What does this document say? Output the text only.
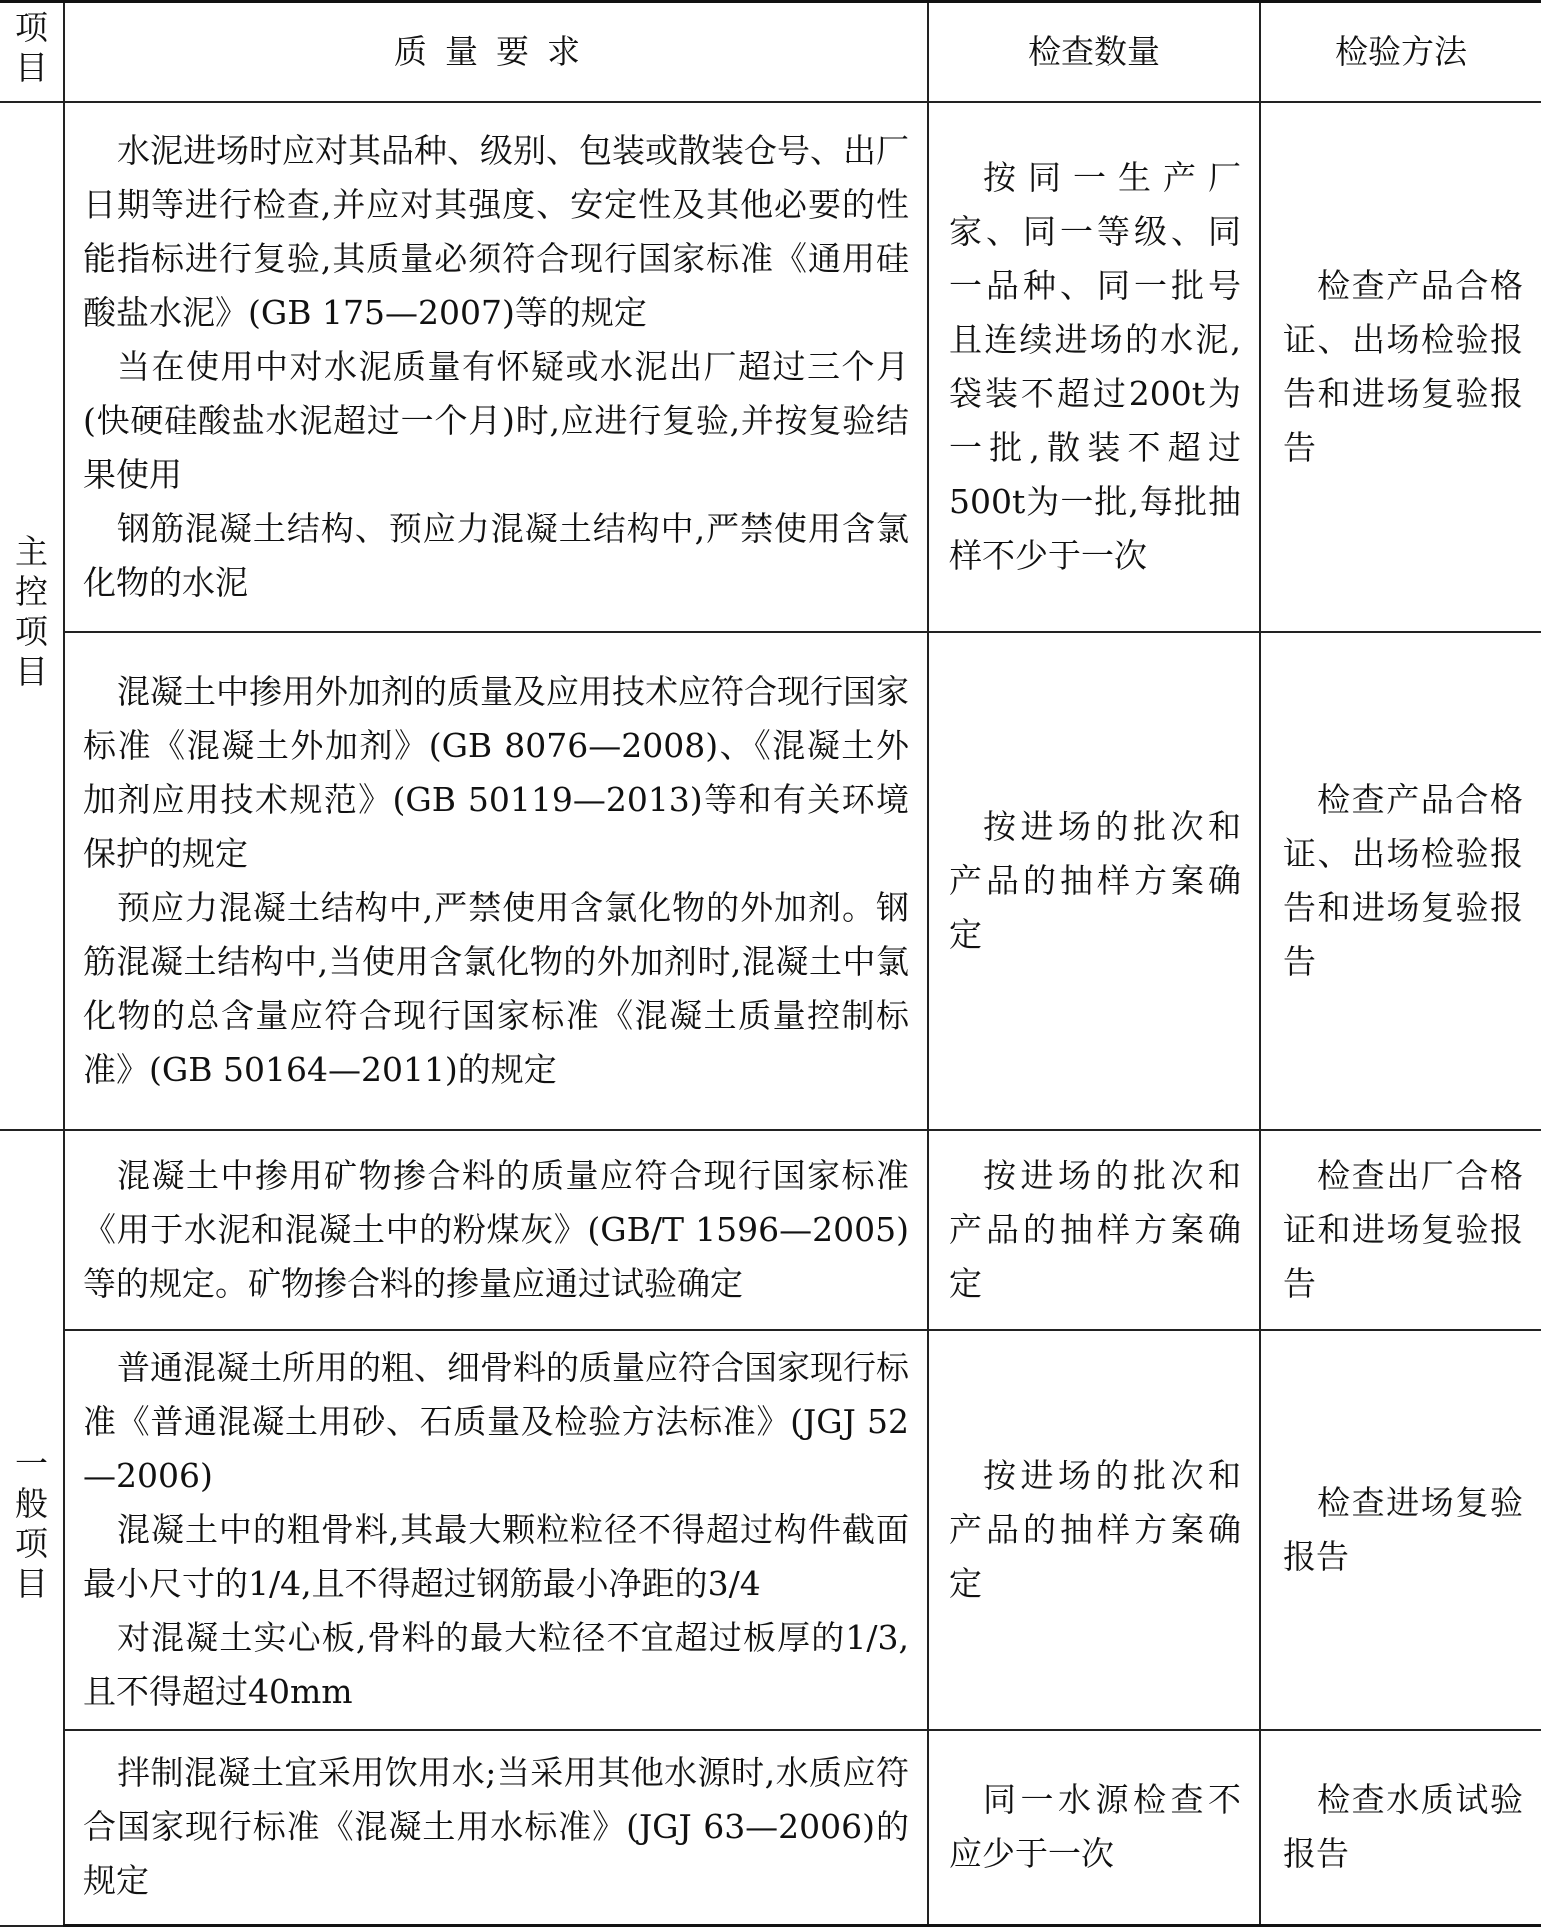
项目	质量要求	检查数量	检验方法
主控项目	水泥进场时应对其品种、级别、包装或散装仓号、出厂日期等进行检查,并应对其强度、安定性及其他必要的性能指标进行复验,其质量必须符合现行国家标准《通用硅酸盐水泥》(GB 175—2007)等的规定

当在使用中对水泥质量有怀疑或水泥出厂超过三个月(快硬硅酸盐水泥超过一个月)时,应进行复验,并按复验结果使用

钢筋混凝土结构、预应力混凝土结构中,严禁使用含氯化物的水泥	按同一生产厂家、同一等级、同一品种、同一批号且连续进场的水泥,袋装不超过200t为一批,散装不超过500t为一批,每批抽样不少于一次	检查产品合格证、出场检验报告和进场复验报告

	混凝土中掺用外加剂的质量及应用技术应符合现行国家标准《混凝土外加剂》(GB 8076—2008)、《混凝土外加剂应用技术规范》(GB 50119—2013)等和有关环境保护的规定

预应力混凝土结构中,严禁使用含氯化物的外加剂。钢筋混凝土结构中,当使用含氯化物的外加剂时,混凝土中氯化物的总含量应符合现行国家标准《混凝土质量控制标准》(GB 50164—2011)的规定	按进场的批次和产品的抽样方案确定	检查产品合格证、出场检验报告和进场复验报告

一般项目	混凝土中掺用矿物掺合料的质量应符合现行国家标准《用于水泥和混凝土中的粉煤灰》(GB/T 1596—2005)等的规定。矿物掺合料的掺量应通过试验确定	按进场的批次和产品的抽样方案确定	检查出厂合格证和进场复验报告

	普通混凝土所用的粗、细骨料的质量应符合国家现行标准《普通混凝土用砂、石质量及检验方法标准》(JGJ 52—2006)

混凝土中的粗骨料,其最大颗粒粒径不得超过构件截面最小尺寸的1/4,且不得超过钢筋最小净距的3/4

对混凝土实心板,骨料的最大粒径不宜超过板厚的1/3,且不得超过40mm	按进场的批次和产品的抽样方案确定	检查进场复验报告

	拌制混凝土宜采用饮用水;当采用其他水源时,水质应符合国家现行标准《混凝土用水标准》(JGJ 63—2006)的规定	同一水源检查不应少于一次	检查水质试验报告
